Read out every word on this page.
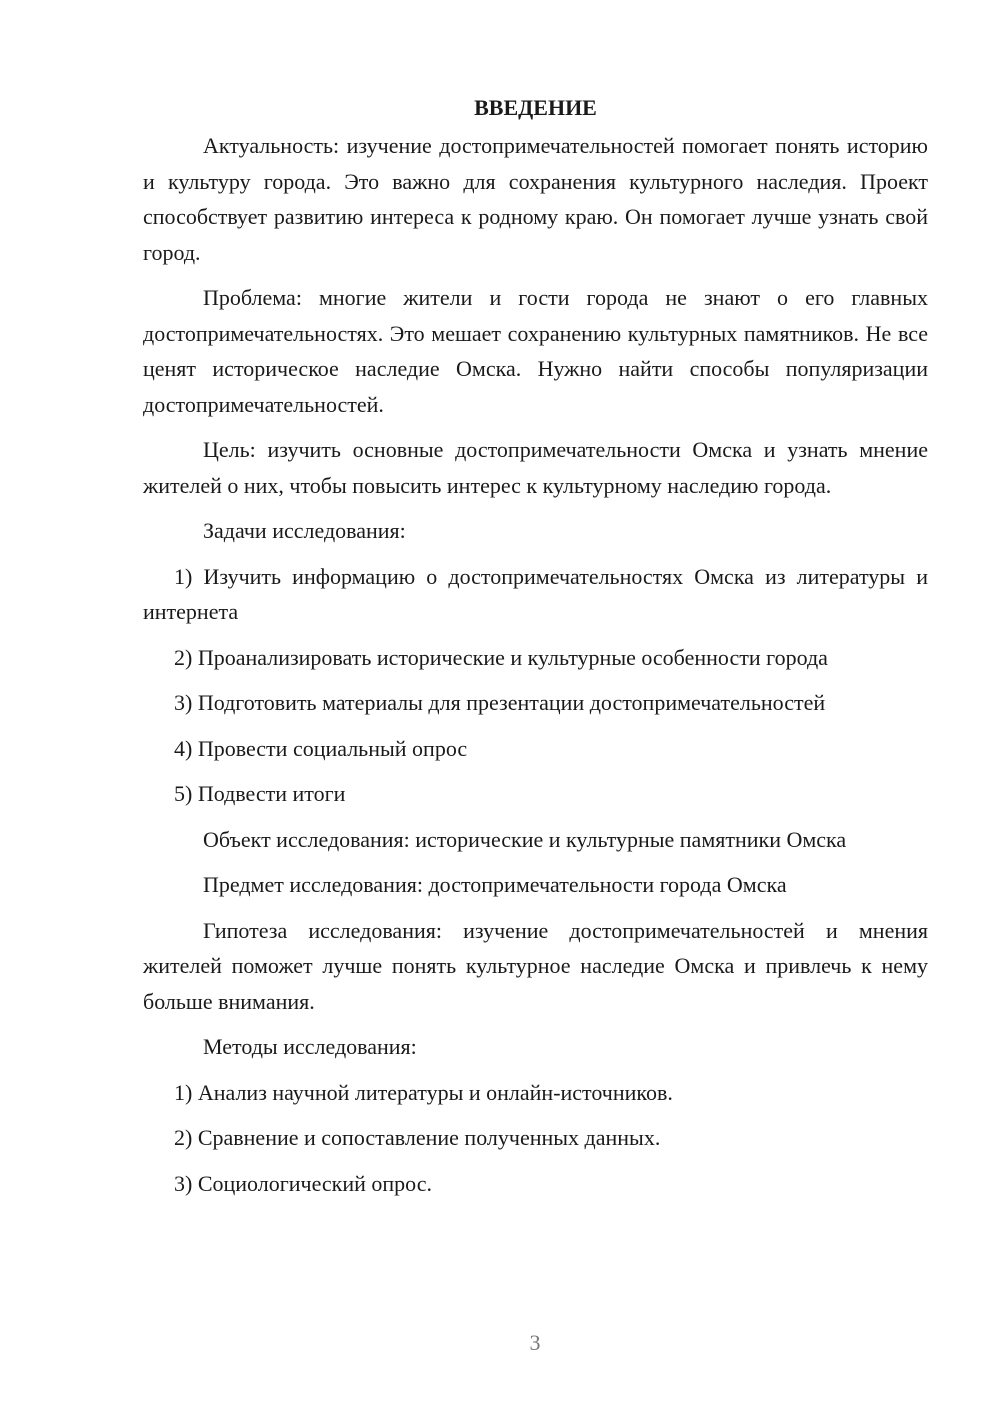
ВВЕДЕНИЕ

Актуальность: изучение достопримечательностей помогает понять историю и культуру города. Это важно для сохранения культурного наследия. Проект способствует развитию интереса к родному краю. Он помогает лучше узнать свой город.

Проблема: многие жители и гости города не знают о его главных достопримечательностях. Это мешает сохранению культурных памятников. Не все ценят историческое наследие Омска. Нужно найти способы популяризации достопримечательностей.

Цель: изучить основные достопримечательности Омска и узнать мнение жителей о них, чтобы повысить интерес к культурному наследию города.

Задачи исследования:

1) Изучить информацию о достопримечательностях Омска из литературы и интернета

2) Проанализировать исторические и культурные особенности города

3) Подготовить материалы для презентации достопримечательностей

4) Провести социальный опрос

5) Подвести итоги

Объект исследования: исторические и культурные памятники Омска

Предмет исследования: достопримечательности города Омска

Гипотеза исследования: изучение достопримечательностей и мнения жителей поможет лучше понять культурное наследие Омска и привлечь к нему больше внимания.

Методы исследования:

1) Анализ научной литературы и онлайн-источников.

2) Сравнение и сопоставление полученных данных.

3) Социологический опрос.

3
